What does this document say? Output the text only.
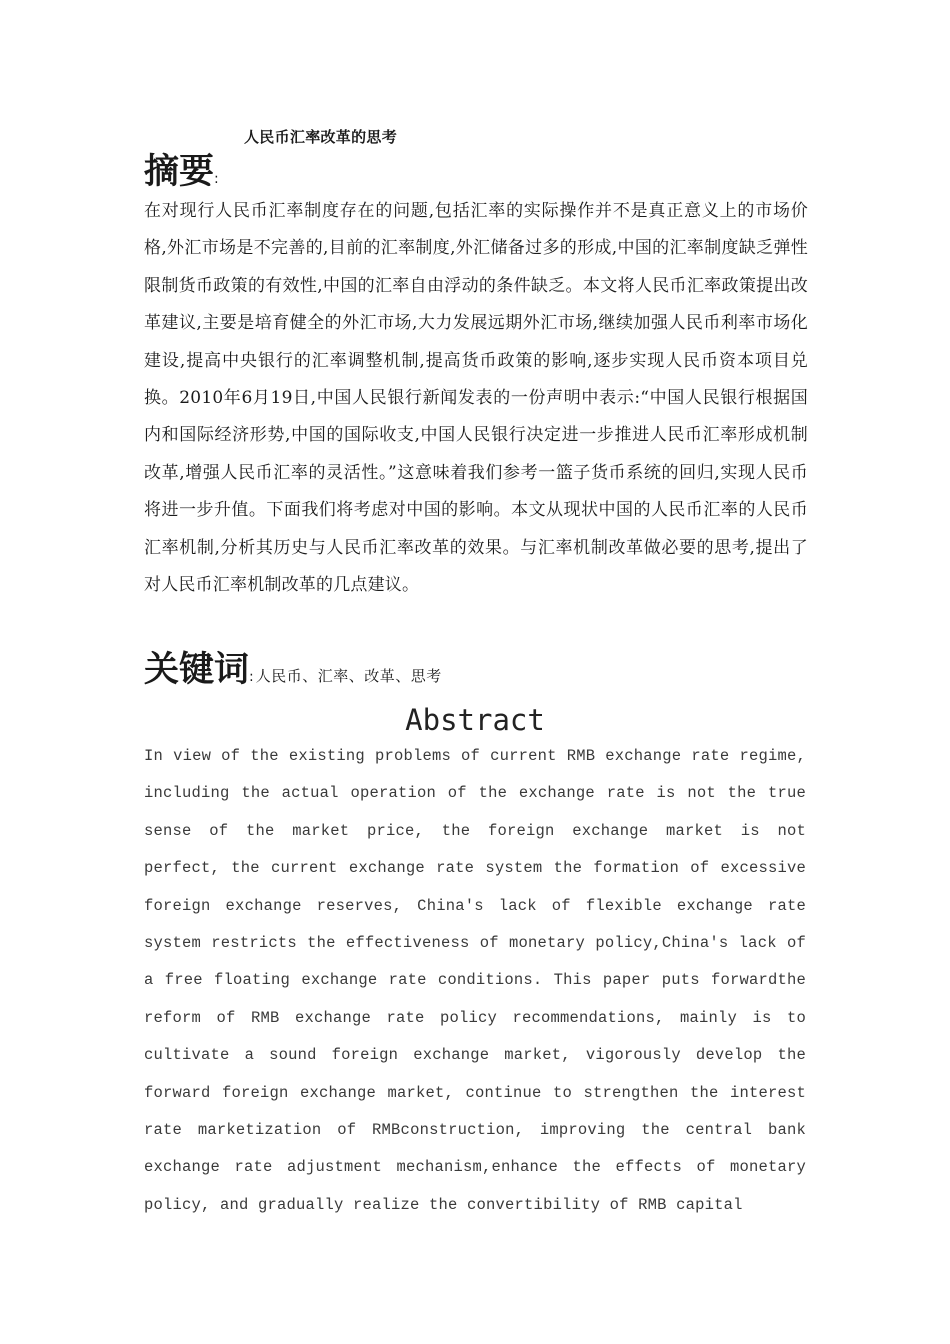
人民币汇率改革的思考
摘要:

在对现行人民币汇率制度存在的问题,包括汇率的实际操作并不是真正意义上的市场价格,外汇市场是不完善的,目前的汇率制度,外汇储备过多的形成,中国的汇率制度缺乏弹性限制货币政策的有效性,中国的汇率自由浮动的条件缺乏。本文将人民币汇率政策提出改革建议,主要是培育健全的外汇市场,大力发展远期外汇市场,继续加强人民币利率市场化建设,提高中央银行的汇率调整机制,提高货币政策的影响,逐步实现人民币资本项目兑换。2010年6月19日,中国人民银行新闻发表的一份声明中表示:“中国人民银行根据国内和国际经济形势,中国的国际收支,中国人民银行决定进一步推进人民币汇率形成机制改革,增强人民币汇率的灵活性。”这意味着我们参考一篮子货币系统的回归,实现人民币将进一步升值。下面我们将考虑对中国的影响。本文从现状中国的人民币汇率的人民币汇率机制,分析其历史与人民币汇率改革的效果。与汇率机制改革做必要的思考,提出了对人民币汇率机制改革的几点建议。

关键词: 人民币、汇率、改革、思考
Abstract

In view of the existing problems of current RMB exchange rate regime, including the actual operation of the exchange rate is not the true sense of the market price, the foreign exchange market is not perfect, the current exchange rate system the formation of excessive foreign exchange reserves, China's lack of flexible exchange rate system restricts the effectiveness of monetary policy,China's lack of a free floating exchange rate conditions. This paper puts forwardthe reform of RMB exchange rate policy recommendations, mainly is to cultivate a sound foreign exchange market, vigorously develop the forward foreign exchange market, continue to strengthen the interest rate marketization of RMBconstruction, improving the central bank exchange rate adjustment mechanism,enhance the effects of monetary policy, and gradually realize the convertibility of RMB capital
